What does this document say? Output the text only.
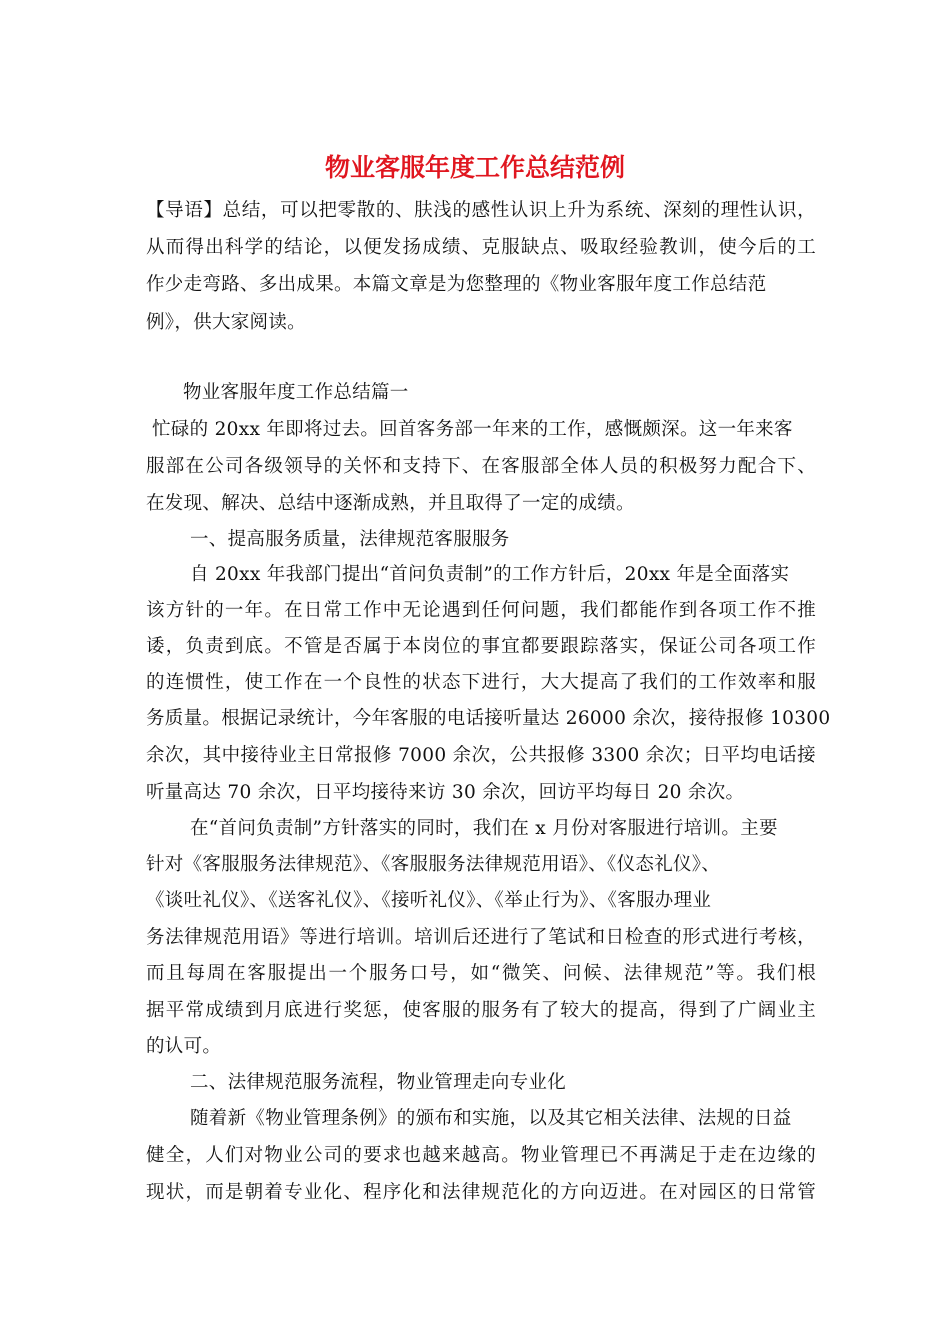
物业客服年度工作总结范例
【导语】总结，可以把零散的、肤浅的感性认识上升为系统、深刻的理性认识，
从而得出科学的结论，以便发扬成绩、克服缺点、吸取经验教训，使今后的工
作少走弯路、多出成果。本篇文章是为您整理的《物业客服年度工作总结范
例》，供大家阅读。
物业客服年度工作总结篇一
忙碌的 20xx 年即将过去。回首客务部一年来的工作，感慨颇深。这一年来客
服部在公司各级领导的关怀和支持下、在客服部全体人员的积极努力配合下、
在发现、解决、总结中逐渐成熟，并且取得了一定的成绩。
一、提高服务质量，法律规范客服服务
自 20xx 年我部门提出“首问负责制”的工作方针后，20xx 年是全面落实
该方针的一年。在日常工作中无论遇到任何问题，我们都能作到各项工作不推
诿，负责到底。不管是否属于本岗位的事宜都要跟踪落实，保证公司各项工作
的连惯性，使工作在一个良性的状态下进行，大大提高了我们的工作效率和服
务质量。根据记录统计，今年客服的电话接听量达 26000 余次，接待报修 10300
余次，其中接待业主日常报修 7000 余次，公共报修 3300 余次；日平均电话接
听量高达 70 余次，日平均接待来访 30 余次，回访平均每日 20 余次。
在“首问负责制”方针落实的同时，我们在 x 月份对客服进行培训。主要
针对《客服服务法律规范》、《客服服务法律规范用语》、《仪态礼仪》、
《谈吐礼仪》、《送客礼仪》、《接听礼仪》、《举止行为》、《客服办理业
务法律规范用语》等进行培训。培训后还进行了笔试和日检查的形式进行考核，
而且每周在客服提出一个服务口号，如“微笑、问候、法律规范”等。我们根
据平常成绩到月底进行奖惩，使客服的服务有了较大的提高，得到了广阔业主
的认可。
二、法律规范服务流程，物业管理走向专业化
随着新《物业管理条例》的颁布和实施，以及其它相关法律、法规的日益
健全，人们对物业公司的要求也越来越高。物业管理已不再满足于走在边缘的
现状，而是朝着专业化、程序化和法律规范化的方向迈进。在对园区的日常管
